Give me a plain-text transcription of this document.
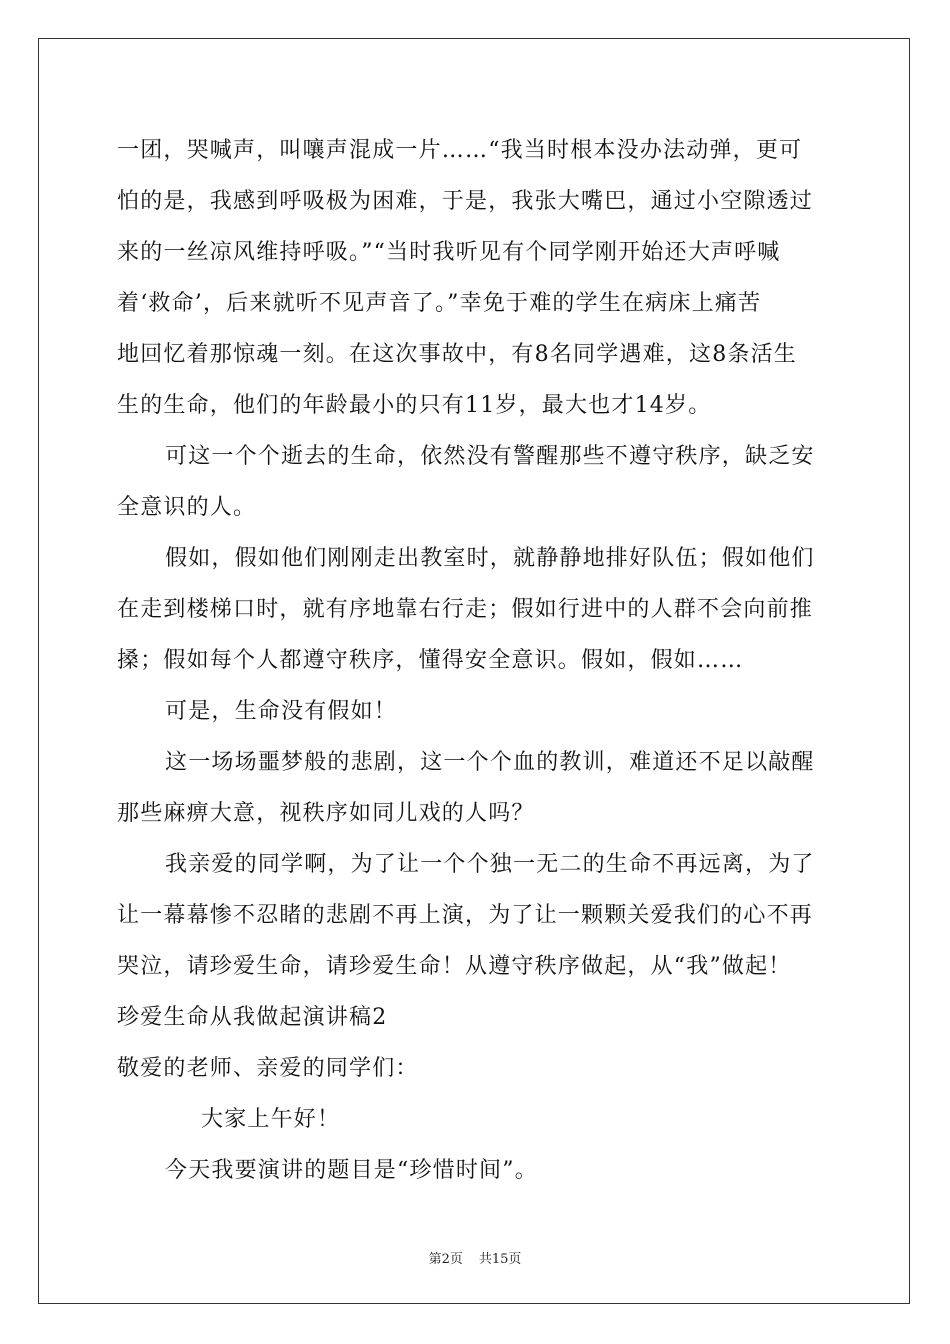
一团，哭喊声，叫嚷声混成一片……“我当时根本没办法动弹，更可
怕的是，我感到呼吸极为困难，于是，我张大嘴巴，通过小空隙透过
来的一丝凉风维持呼吸。”“当时我听见有个同学刚开始还大声呼喊
着‘救命’，后来就听不见声音了。”幸免于难的学生在病床上痛苦
地回忆着那惊魂一刻。在这次事故中，有8名同学遇难，这8条活生
生的生命，他们的年龄最小的只有11岁，最大也才14岁。
可这一个个逝去的生命，依然没有警醒那些不遵守秩序，缺乏安
全意识的人。
假如，假如他们刚刚走出教室时，就静静地排好队伍；假如他们
在走到楼梯口时，就有序地靠右行走；假如行进中的人群不会向前推
搡；假如每个人都遵守秩序，懂得安全意识。假如，假如……
可是，生命没有假如！
这一场场噩梦般的悲剧，这一个个血的教训，难道还不足以敲醒
那些麻痹大意，视秩序如同儿戏的人吗？
我亲爱的同学啊，为了让一个个独一无二的生命不再远离，为了
让一幕幕惨不忍睹的悲剧不再上演，为了让一颗颗关爱我们的心不再
哭泣，请珍爱生命，请珍爱生命！从遵守秩序做起，从“我”做起！
珍爱生命从我做起演讲稿2
敬爱的老师、亲爱的同学们：
大家上午好！
今天我要演讲的题目是“珍惜时间”。
第2页 共15页
